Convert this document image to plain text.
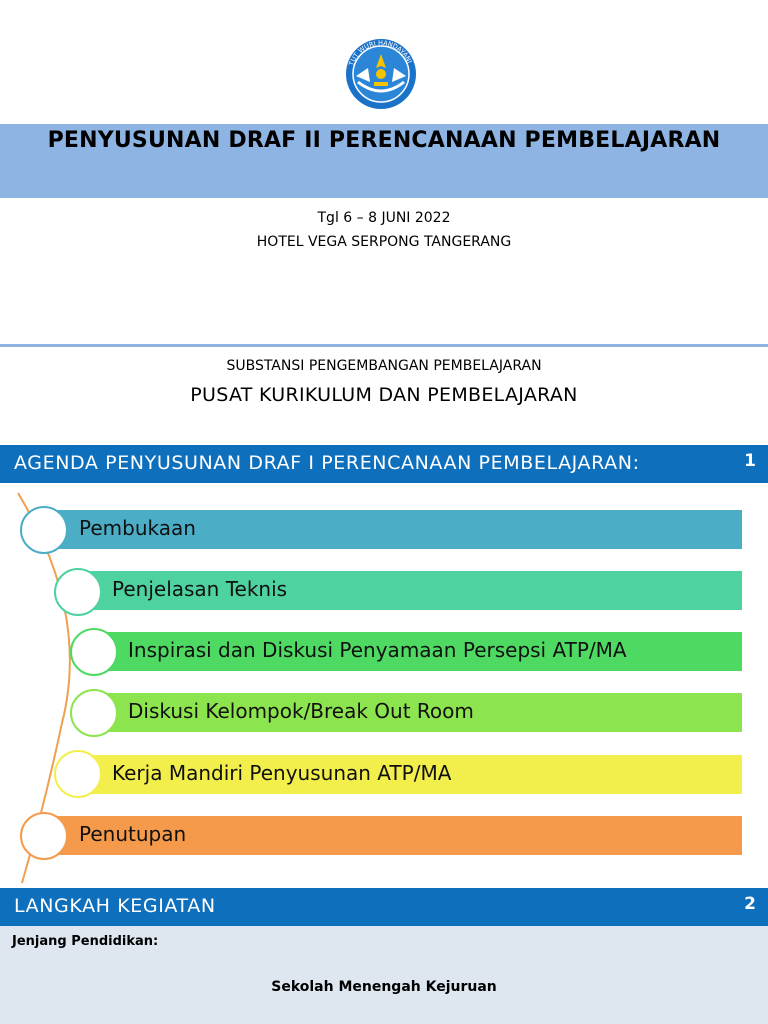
TUT WURI HANDAYANI
PENYUSUNAN DRAF II PERENCANAAN PEMBELAJARAN
Tgl 6 – 8 JUNI 2022
HOTEL VEGA SERPONG TANGERANG
SUBSTANSI PENGEMBANGAN PEMBELAJARAN
PUSAT KURIKULUM DAN PEMBELAJARAN
AGENDA PENYUSUNAN DRAF I PERENCANAAN PEMBELAJARAN:	1
Pembukaan
Penjelasan Teknis
Inspirasi dan Diskusi Penyamaan Persepsi ATP/MA
Diskusi Kelompok/Break Out Room
Kerja Mandiri Penyusunan ATP/MA
Penutupan
LANGKAH KEGIATAN	2
Jenjang Pendidikan:
Sekolah Menengah Kejuruan
